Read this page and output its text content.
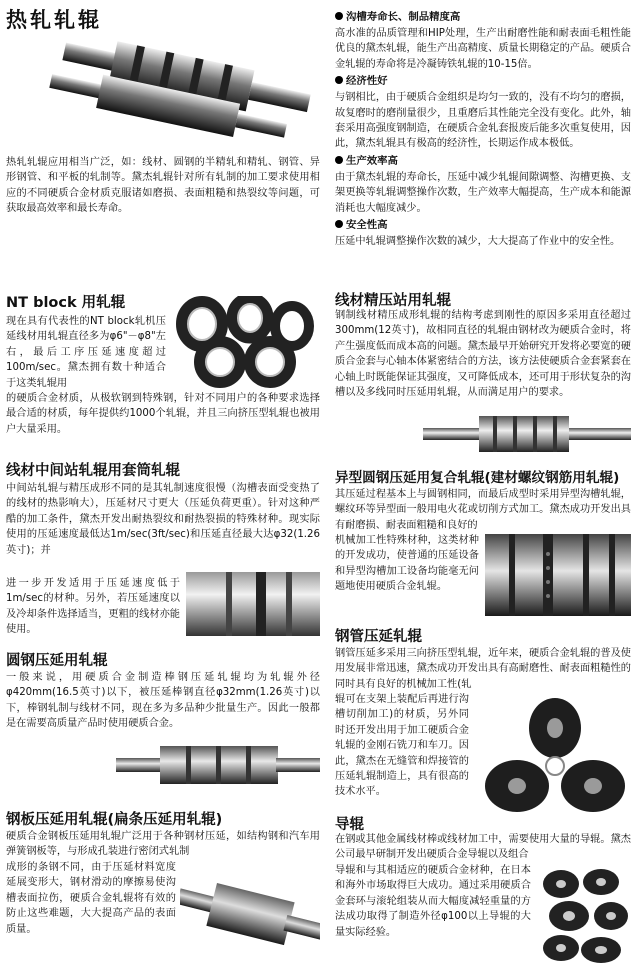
热轧轧辊

热轧轧辊应用相当广泛，如：线材、圆钢的半精轧和精轧、钢管、异形钢管、和平板的轧制等。黛杰轧辊针对所有轧制的加工要求使用相应的不同硬质合金材质克服诸如磨损、表面粗糙和热裂纹等问题，可获取最高效率和最长寿命。

NT block 用轧辊

现在具有代表性的NT block轧机压延线材用轧辊直径多为φ6"－φ8"左右，最后工序压延速度超过100m/sec。黛杰拥有数十种适合于这类轧辊用

的硬质合金材质，从极软钢到特殊钢，针对不同用户的各种要求选择最合适的材质，每年提供约1000个轧辊，并且三向挤压型轧辊也被用户大量采用。

线材中间站轧辊用套筒轧辊

中间站轧辊与精压成形不同的是其轧制速度很慢（沟槽表面受变热了的线材的热影响大），压延材尺寸更大（压延负荷更重）。针对这种严酷的加工条件，黛杰开发出耐热裂纹和耐热裂损的特殊材种。现实际使用的压延速度最低达1m/sec(3ft/sec)和压延直径最大达φ32(1.26英寸)；并

进一步开发适用于压延速度低于1m/sec的材种。另外，若压延速度以及冷却条件选择适当，更粗的线材亦能使用。

圆钢压延用轧辊

一般来说，用硬质合金制造棒钢压延轧辊均为轧辊外径φ420mm(16.5英寸)以下，被压延棒钢直径φ32mm(1.26英寸)以下，棒钢轧制与线材不同，现在多为多品种少批量生产。因此一般都是在需要高质量产品时使用硬质合金。

钢板压延用轧辊(扁条压延用轧辊)

硬质合金钢板压延用轧辊广泛用于各种钢材压延，如结构钢和汽车用弹簧钢板等，与形成孔装进行密闭式轧制

成形的条钢不同，由于压延材料宽度延展变形大，钢材滑动的摩擦易使沟槽表面拉伤，硬质合金轧辊将有效的防止这些难题，大大提高产品的表面质量。

沟槽寿命长、制品精度高

高水准的品质管理和HIP处理，生产出耐磨性能和耐表面毛粗性能优良的黛杰轧辊，能生产出高精度、质量长期稳定的产品。硬质合金轧辊的寿命将是冷凝铸铁轧辊的10-15倍。

经济性好

与钢相比，由于硬质合金组织是均匀一致的，没有不均匀的磨损，故复磨时的磨削量很少，且重磨后其性能完全没有变化。此外，轴套采用高强度钢制造，在硬质合金轧套报废后能多次重复使用，因此，黛杰轧辊具有极高的经济性，长期运作成本极低。

生产效率高

由于黛杰轧辊的寿命长，压延中减少轧辊间隙调整、沟槽更换、支架更换等轧辊调整操作次数，生产效率大幅提高，生产成本和能源消耗也大幅度减少。

安全性高

压延中轧辊调整操作次数的减少，大大提高了作业中的安全性。

线材精压站用轧辊

钢制线材精压成形轧辊的结构考虑到刚性的原因多采用直径超过300mm(12英寸)，故相同直径的轧辊由钢材改为硬质合金时，将产生强度低而成本高的问题。黛杰最早开始研究开发将必要宽的硬质合金套与心轴本体紧密结合的方法，该方法使硬质合金套紧套在心轴上时既能保证其强度，又可降低成本，还可用于形状复杂的沟槽以及多线同时压延用轧辊，从而满足用户的要求。

异型圆钢压延用复合轧辊(建材螺纹钢筋用轧辊)

其压延过程基本上与圆钢相同，而最后成型时采用异型沟槽轧辊，螺纹环等异型面一般用电火花或切削方式加工。黛杰成功开发出具有耐磨损、耐表面粗糙和良好的

机械加工性特殊材种，这类材种的开发成功，使普通的压延设备和异型沟槽加工设备均能毫无问题地使用硬质合金轧辊。

钢管压延轧辊

钢管压延多采用三向挤压型轧辊，近年来，硬质合金轧辊的普及使用发展非常迅速，黛杰成功开发出具有高耐磨性、耐表面粗糙性的同时具有良好的机械加工性(轧

辊可在支架上装配后再进行沟槽切削加工)的材质，另外同时还开发出用于加工硬质合金轧辊的金刚石铣刀和车刀。因此，黛杰在无缝管和焊接管的压延轧辊制造上，具有很高的技术水平。

导辊

在钢或其他金属线材棒或线材加工中，需要使用大量的导辊。黛杰公司最早研制开发出硬质合金导辊以及组合

导辊和与其相适应的硬质合金材种，在日本和海外市场取得巨大成功。通过采用硬质合金套环与滚轮组装从而大幅度减轻重量的方法成功取得了制造外径φ100以上导辊的大量实际经验。
